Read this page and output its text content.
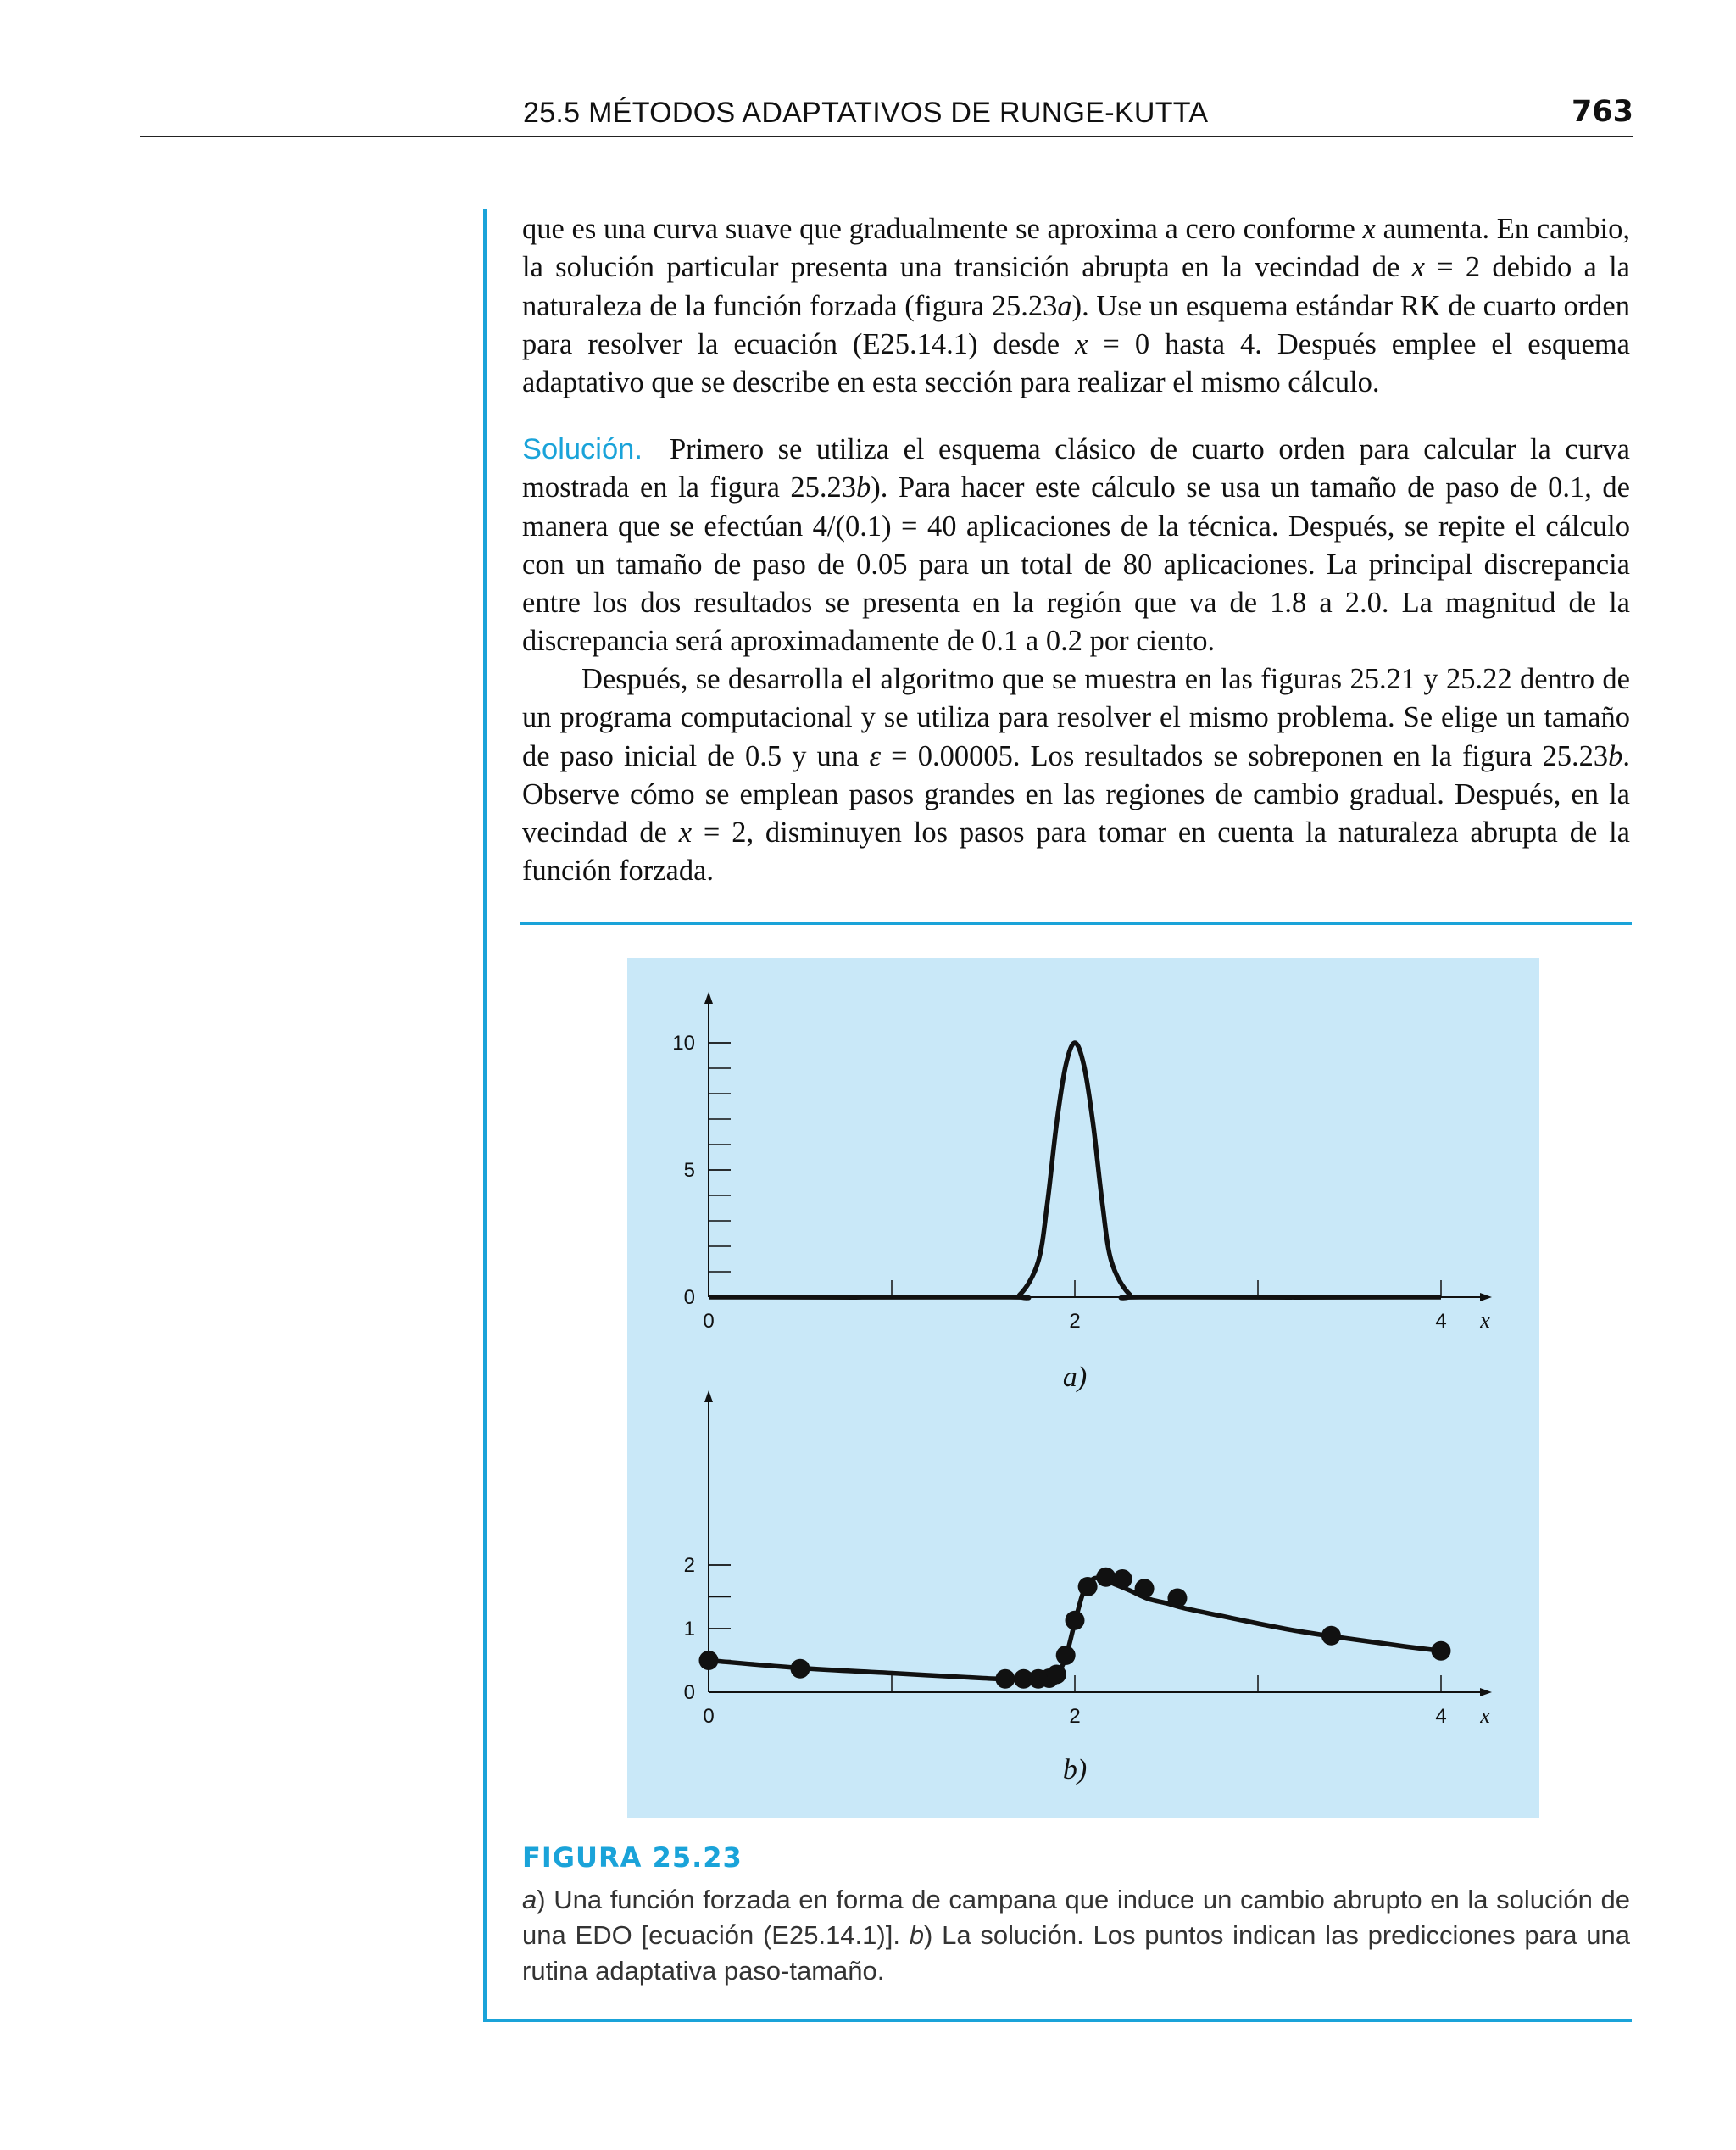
25.5 MÉTODOS ADAPTATIVOS DE RUNGE-KUTTA	763

que es una curva suave que gradualmente se aproxima a cero conforme x aumenta. En cambio, la solución particular presenta una transición abrupta en la vecindad de x = 2 debido a la naturaleza de la función forzada (figura 25.23a). Use un esquema estándar RK de cuarto orden para resolver la ecuación (E25.14.1) desde x = 0 hasta 4. Después emplee el esquema adaptativo que se describe en esta sección para realizar el mismo cálculo.

Solución. Primero se utiliza el esquema clásico de cuarto orden para calcular la curva mostrada en la figura 25.23b). Para hacer este cálculo se usa un tamaño de paso de 0.1, de manera que se efectúan 4/(0.1) = 40 aplicaciones de la técnica. Después, se repite el cálculo con un tamaño de paso de 0.05 para un total de 80 aplicaciones. La principal discrepancia entre los dos resultados se presenta en la región que va de 1.8 a 2.0. La magnitud de la discrepancia será aproximadamente de 0.1 a 0.2 por ciento.

Después, se desarrolla el algoritmo que se muestra en las figuras 25.21 y 25.22 dentro de un programa computacional y se utiliza para resolver el mismo problema. Se elige un tamaño de paso inicial de 0.5 y una ε = 0.00005. Los resultados se sobreponen en la figura 25.23b. Observe cómo se emplean pasos grandes en las regiones de cambio gradual. Después, en la vecindad de x = 2, disminuyen los pasos para tomar en cuenta la naturaleza abrupta de la función forzada.

0
5
10
0	2	4 x
a)
0
1
2
0	2	4 x
b)
FIGURA 25.23

a) Una función forzada en forma de campana que induce un cambio abrupto en la solución de una EDO [ecuación (E25.14.1)]. b) La solución. Los puntos indican las predicciones para una rutina adaptativa paso-tamaño.
